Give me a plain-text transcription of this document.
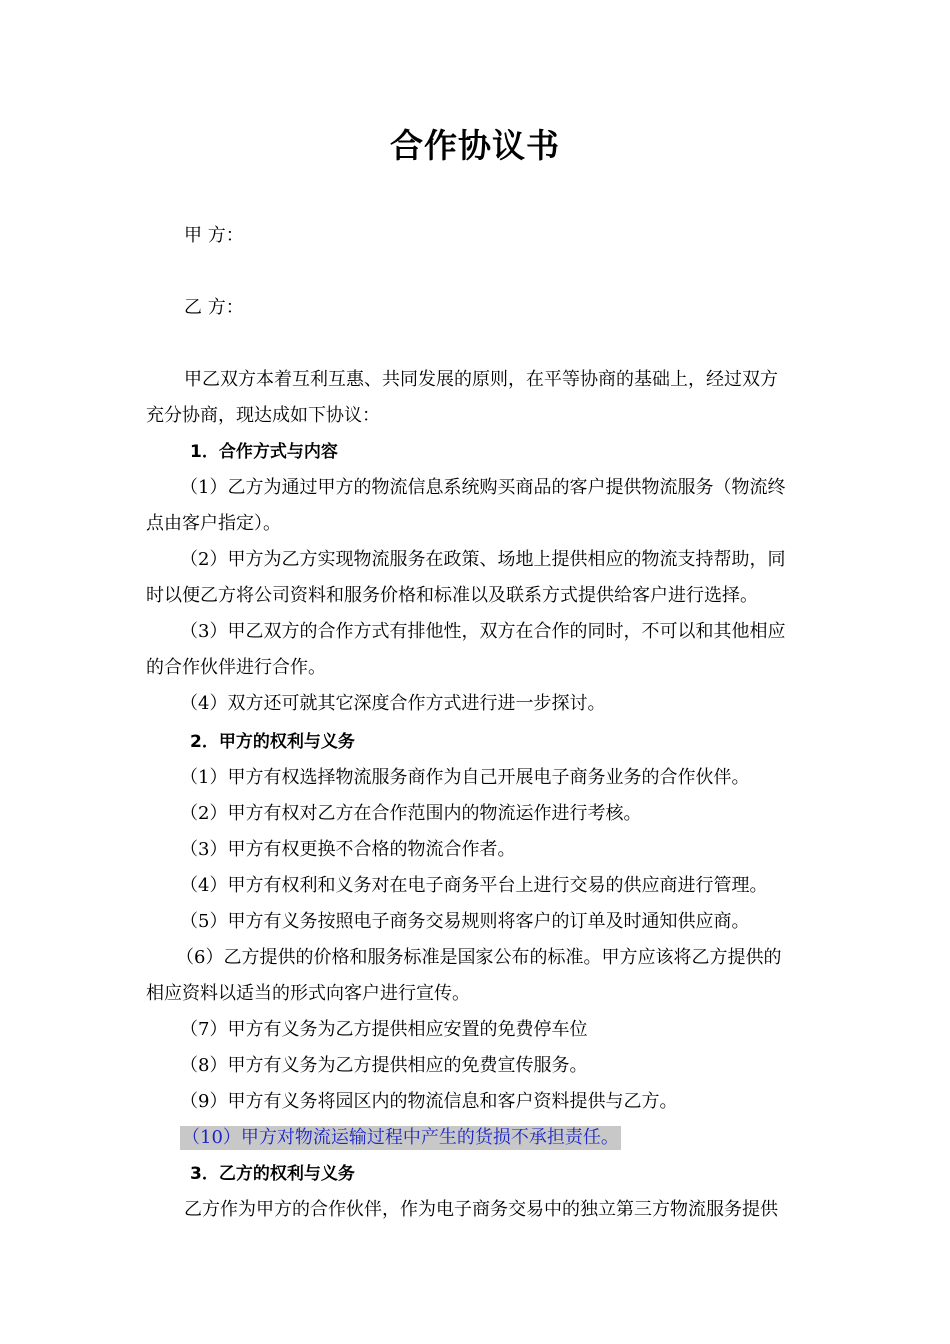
合作协议书
甲 方：
乙 方：
甲乙双方本着互利互惠、共同发展的原则，在平等协商的基础上，经过双方
充分协商，现达成如下协议：
1．合作方式与内容
（1）乙方为通过甲方的物流信息系统购买商品的客户提供物流服务（物流终
点由客户指定）。
（2）甲方为乙方实现物流服务在政策、场地上提供相应的物流支持帮助，同
时以便乙方将公司资料和服务价格和标准以及联系方式提供给客户进行选择。
（3）甲乙双方的合作方式有排他性，双方在合作的同时，不可以和其他相应
的合作伙伴进行合作。
（4）双方还可就其它深度合作方式进行进一步探讨。
2．甲方的权利与义务
（1）甲方有权选择物流服务商作为自己开展电子商务业务的合作伙伴。
（2）甲方有权对乙方在合作范围内的物流运作进行考核。
（3）甲方有权更换不合格的物流合作者。
（4）甲方有权利和义务对在电子商务平台上进行交易的供应商进行管理。
（5）甲方有义务按照电子商务交易规则将客户的订单及时通知供应商。
（6）乙方提供的价格和服务标准是国家公布的标准。甲方应该将乙方提供的
相应资料以适当的形式向客户进行宣传。
（7）甲方有义务为乙方提供相应安置的免费停车位
（8）甲方有义务为乙方提供相应的免费宣传服务。
（9）甲方有义务将园区内的物流信息和客户资料提供与乙方。
（10）甲方对物流运输过程中产生的货损不承担责任。
3．乙方的权利与义务
乙方作为甲方的合作伙伴，作为电子商务交易中的独立第三方物流服务提供
